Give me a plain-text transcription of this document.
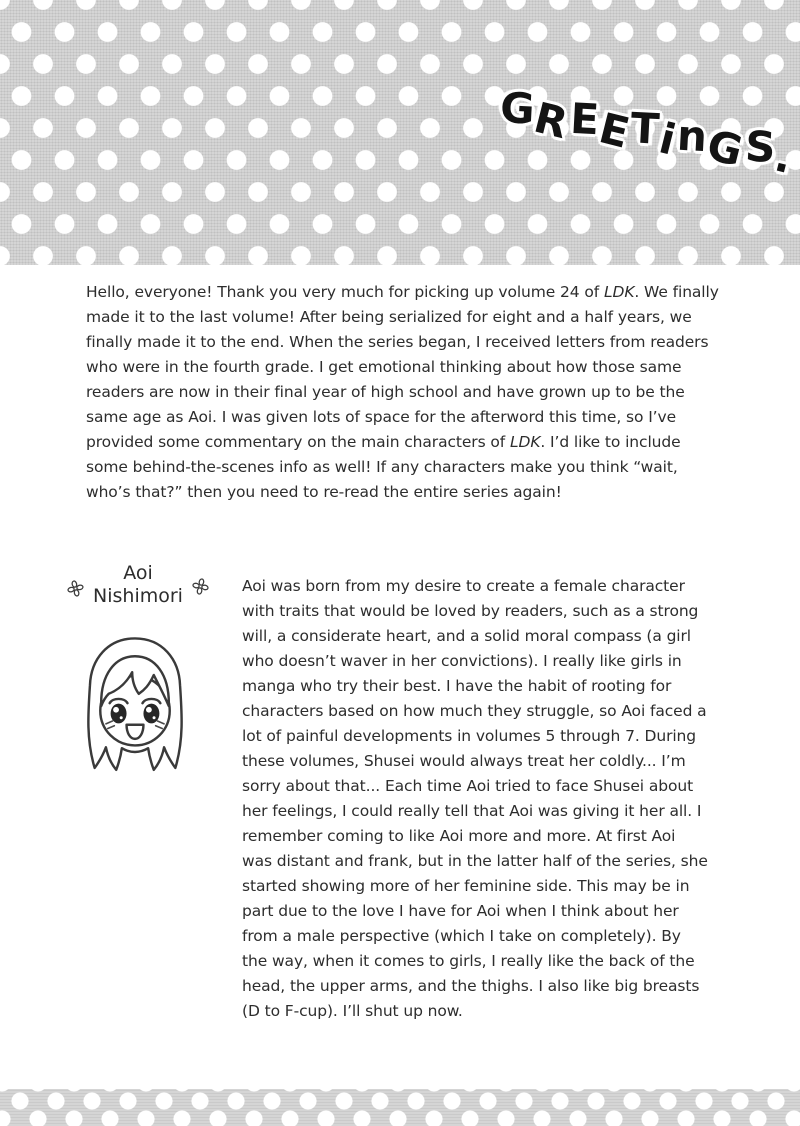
GREETinGS.
Hello, everyone! Thank you very much for picking up volume 24 of LDK. We finally made it to the last volume! After being serialized for eight and a half years, we finally made it to the end. When the series began, I received letters from readers who were in the fourth grade. I get emotional thinking about how those same readers are now in their final year of high school and have grown up to be the same age as Aoi. I was given lots of space for the afterword this time, so I’ve provided some commentary on the main characters of LDK. I’d like to include some behind-the-scenes info as well! If any characters make you think “wait, who’s that?” then you need to re-read the entire series again!
Aoi
Nishimori	Aoi was born from my desire to create a female character with traits that would be loved by readers, such as a strong will, a considerate heart, and a solid moral compass (a girl who doesn’t waver in her convictions). I really like girls in manga who try their best. I have the habit of rooting for characters based on how much they struggle, so Aoi faced a lot of painful developments in volumes 5 through 7. During these volumes, Shusei would always treat her coldly... I’m sorry about that... Each time Aoi tried to face Shusei about her feelings, I could really tell that Aoi was giving it her all. I remember coming to like Aoi more and more. At first Aoi was distant and frank, but in the latter half of the series, she started showing more of her feminine side. This may be in part due to the love I have for Aoi when I think about her from a male perspective (which I take on completely). By the way, when it comes to girls, I really like the back of the head, the upper arms, and the thighs. I also like big breasts (D to F-cup). I’ll shut up now.
